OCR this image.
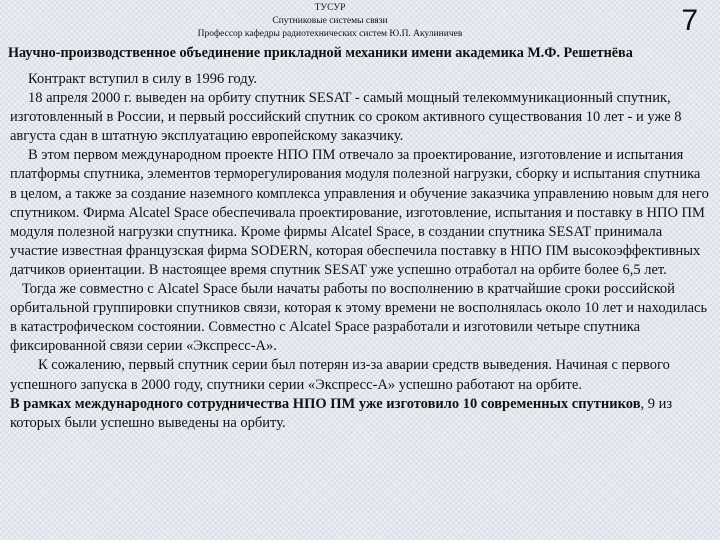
ТУСУР
Спутниковые системы связи
Профессор кафедры радиотехнических систем Ю.П. Акулиничев	7
Научно-производственное объединение прикладной механики имени академика М.Ф. Решетнёва

Контракт вступил в силу в 1996 году.

18 апреля 2000 г. выведен на орбиту спутник SESAT - самый мощный телекоммуникационный спутник, изготовленный в России, и первый российский спутник со сроком активного существования 10 лет - и уже 8 августа сдан в штатную эксплуатацию европейскому заказчику.

В этом первом международном проекте НПО ПМ отвечало за проектирование, изготовление и испытания платформы спутника, элементов терморегулирования модуля полезной нагрузки, сборку и испытания спутника в целом, а также за создание наземного комплекса управления и обучение заказчика управлению новым для него спутником. Фирма Alcatel Space обеспечивала проектирование, изготовление, испытания и поставку в НПО ПМ модуля полезной нагрузки спутника. Кроме фирмы Alcatel Space, в создании спутника SESAT принимала участие известная французская фирма SODERN, которая обеспечила поставку в НПО ПМ высокоэффективных датчиков ориентации. В настоящее время спутник SESAT уже успешно отработал на орбите более 6,5 лет.

Тогда же совместно с Alcatel Space были начаты работы по восполнению в кратчайшие сроки российской орбитальной группировки спутников связи, которая к этому времени не восполнялась около 10 лет и находилась в катастрофическом состоянии. Совместно с Alcatel Space разработали и изготовили четыре спутника фиксированной связи серии «Экспресс-А».

К сожалению, первый спутник серии был потерян из-за аварии средств выведения. Начиная с первого успешного запуска в 2000 году, спутники серии «Экспресс-А» успешно работают на орбите.

В рамках международного сотрудничества НПО ПМ уже изготовило 10 современных спутников, 9 из которых были успешно выведены на орбиту.
